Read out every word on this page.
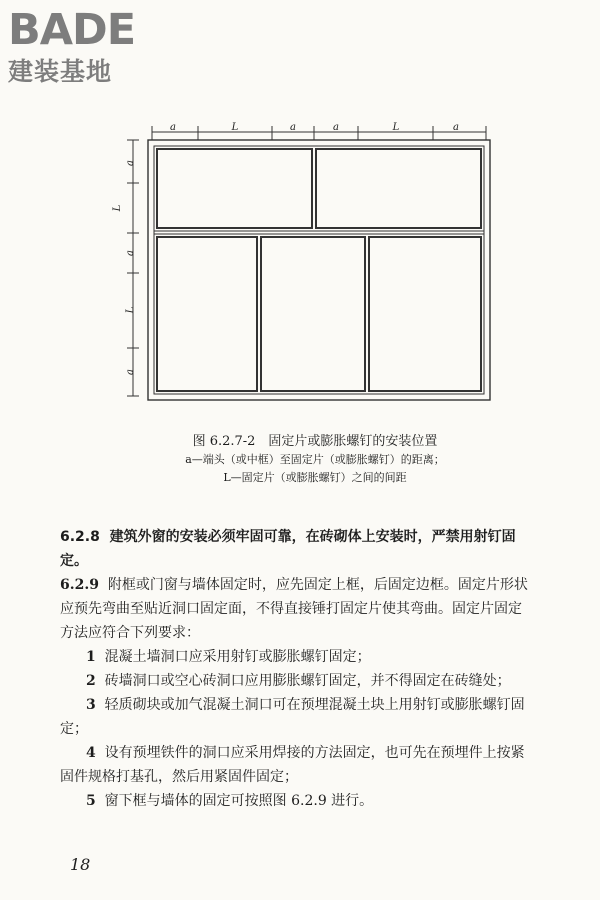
BADE
建装基地
a	L	a	a	L	a
a
L
a
L
a
图 6.2.7-2　固定片或膨胀螺钉的安装位置
a—端头（或中框）至固定片（或膨胀螺钉）的距离；
L—固定片（或膨胀螺钉）之间的间距

6.2.8 建筑外窗的安装必须牢固可靠，在砖砌体上安装时，严禁用射钉固定。

6.2.9 附框或门窗与墙体固定时，应先固定上框，后固定边框。固定片形状应预先弯曲至贴近洞口固定面，不得直接锤打固定片使其弯曲。固定片固定方法应符合下列要求：

1 混凝土墙洞口应采用射钉或膨胀螺钉固定；

2 砖墙洞口或空心砖洞口应用膨胀螺钉固定，并不得固定在砖缝处；

3 轻质砌块或加气混凝土洞口可在预埋混凝土块上用射钉或膨胀螺钉固定；

4 设有预埋铁件的洞口应采用焊接的方法固定，也可先在预埋件上按紧固件规格打基孔，然后用紧固件固定；

5 窗下框与墙体的固定可按照图 6.2.9 进行。

18
